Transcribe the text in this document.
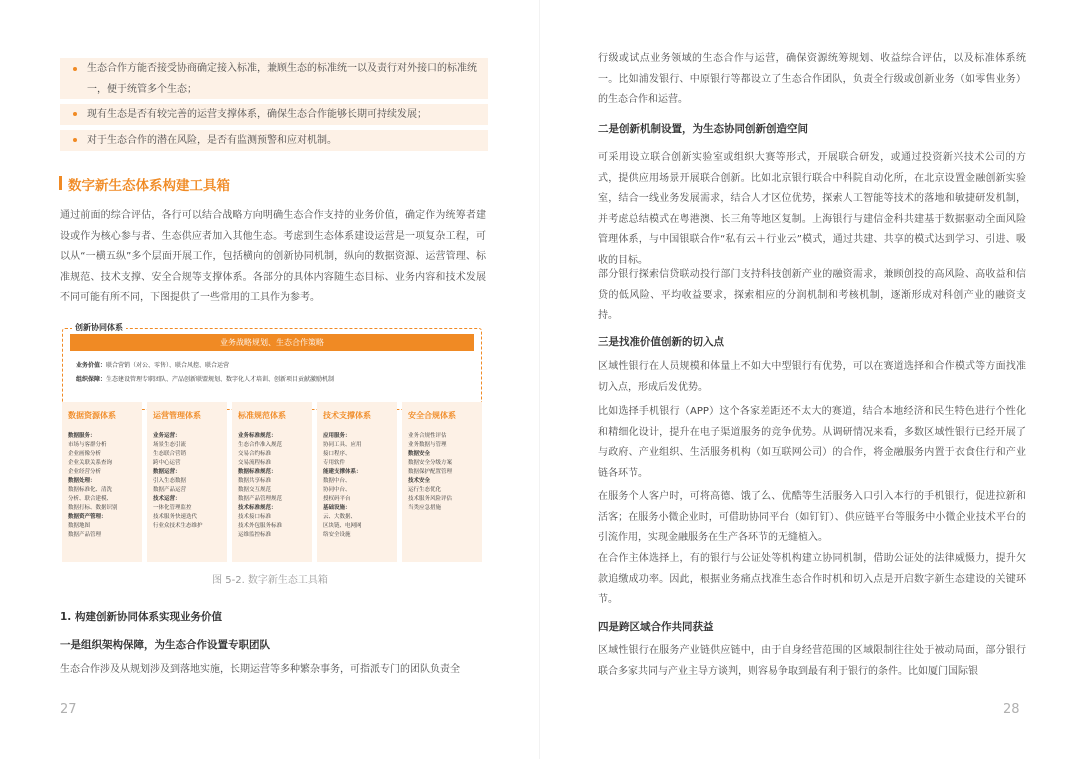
生态合作方能否接受协商确定接入标准，兼顾生态的标准统一以及责行对外接口的标准统一，便于统管多个生态；
现有生态是否有较完善的运营支撑体系，确保生态合作能够长期可持续发展；
对于生态合作的潜在风险，是否有监测预警和应对机制。
数字新生态体系构建工具箱
通过前面的综合评估，各行可以结合战略方向明确生态合作支持的业务价值，确定作为统筹者建设或作为核心参与者、生态供应者加入其他生态。考虑到生态体系建设运营是一项复杂工程，可以从“一横五纵”多个层面开展工作，包括横向的创新协同机制，纵向的数据资源、运营管理、标准规范、技术支撑、安全合规等支撑体系。各部分的具体内容随生态目标、业务内容和技术发展不同可能有所不同，下图提供了一些常用的工具作为参考。
创新协同体系
业务战略规划、生态合作策略
业务价值：联合营销（对公、零售）、联合风控、联合运营
组织保障：生态建设管理专职团队、产品创新联盟规划、数字化人才培训、创新项目贡献激励机制
数据资源体系
数据服务：
市场与客群分析
企业画像分析
企业关联关系查询
企业经营分析
数据处理：
数据标准化、清洗
分析、联合建模、
数据打标、数据识别
数据资产管理：
数据地图
数据产品管理
运营管理体系
业务运营：
场景生态引流
生态联合营销
跨中心运营
数据运营：
引入生态数据
数据产品运营
技术运营：
一体化管理监控
技术服务快速迭代
行业众技术生态维护
标准规范体系
业务标准规范：
生态合作准入规范
交易合约标准
交易流程标准
数据标准规范：
数据共享标准
数据交互规范
数据产品管理规范
技术标准规范：
技术接口标准
技术外包服务标准
运维监控标准
技术支撑体系
应用服务：
协同工具、应用
接口程序、
专用软件
能建支撑体系：
数据中台、
协同中台、
授权码平台
基础设施：
云、大数据、
区块链、电网网
络安全设施
安全合规体系
业务合规性评估
业务数据与管理
数据安全
数据安全分级方案
数据保护配置管理
技术安全
运行生态优化
技术服务风险评估
当类应急措施
图 5-2. 数字新生态工具箱
1. 构建创新协同体系实现业务价值
一是组织架构保障，为生态合作设置专职团队
生态合作涉及从规划涉及到落地实施，长期运营等多种繁杂事务，可指派专门的团队负责全
27
行级或试点业务领域的生态合作与运营，确保资源统筹规划、收益综合评估，以及标准体系统一。比如浦发银行、中原银行等都设立了生态合作团队，负责全行级或创新业务（如零售业务）的生态合作和运营。
二是创新机制设置，为生态协同创新创造空间
可采用设立联合创新实验室或组织大赛等形式，开展联合研发，或通过投资新兴技术公司的方式，提供应用场景开展联合创新。比如北京银行联合中科院自动化所，在北京设置金融创新实验室，结合一线业务发展需求，结合人才区位优势，探索人工智能等技术的落地和敏捷研发机制，并考虑总结模式在粤港澳、长三角等地区复制。上海银行与建信金科共建基于数据驱动全面风险管理体系，与中国银联合作“私有云＋行业云”模式，通过共建、共享的模式达到学习、引进、吸收的目标。
部分银行探索信贷联动投行部门支持科技创新产业的融资需求，兼顾创投的高风险、高收益和信贷的低风险、平均收益要求，探索相应的分润机制和考核机制，逐渐形成对科创产业的融资支持。
三是找准价值创新的切入点
区域性银行在人员规模和体量上不如大中型银行有优势，可以在赛道选择和合作模式等方面找准切入点，形成后发优势。
比如选择手机银行（APP）这个各家差距还不太大的赛道，结合本地经济和民生特色进行个性化和精细化设计，提升在电子渠道服务的竞争优势。从调研情况来看，多数区域性银行已经开展了与政府、产业组织、生活服务机构（如互联网公司）的合作，将金融服务内置于衣食住行和产业链各环节。
在服务个人客户时，可将高德、饿了么、优酷等生活服务入口引入本行的手机银行，促进拉新和活客；在服务小微企业时，可借助协同平台（如钉钉）、供应链平台等服务中小微企业技术平台的引流作用，实现金融服务在生产各环节的无缝植入。
在合作主体选择上，有的银行与公证处等机构建立协同机制，借助公证处的法律威慑力，提升欠款追缴成功率。因此，根据业务痛点找准生态合作时机和切入点是开启数字新生态建设的关键环节。
四是跨区域合作共同获益
区域性银行在服务产业链供应链中，由于自身经营范围的区域限制往往处于被动局面，部分银行联合多家共同与产业主导方谈判，则容易争取到最有利于银行的条件。比如厦门国际银
28
